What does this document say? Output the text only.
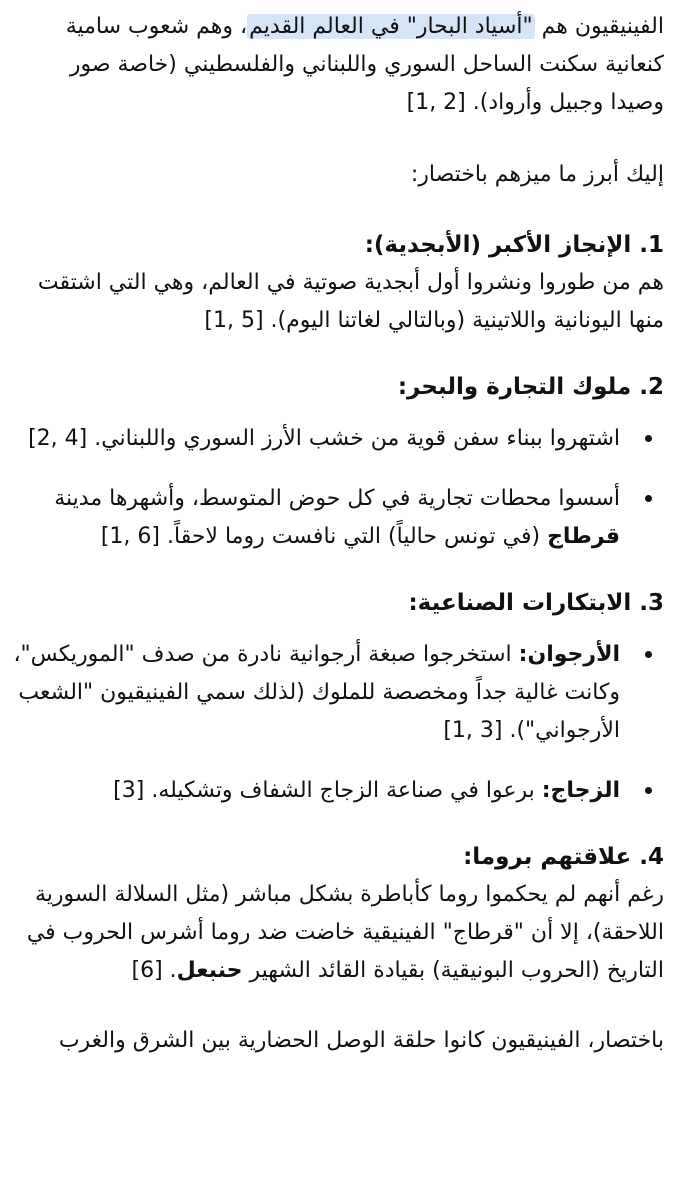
الفينيقيون هم "أسياد البحار" في العالم القديم، وهم شعوب سامية كنعانية سكنت الساحل السوري واللبناني والفلسطيني (خاصة صور وصيدا وجبيل وأرواد). [1, 2]

إليك أبرز ما ميزهم باختصار:

1. الإنجاز الأكبر (الأبجدية):

هم من طوروا ونشروا أول أبجدية صوتية في العالم، وهي التي اشتقت منها اليونانية واللاتينية (وبالتالي لغاتنا اليوم). [1, 5]

2. ملوك التجارة والبحر:
اشتهروا ببناء سفن قوية من خشب الأرز السوري واللبناني. [2, 4]
أسسوا محطات تجارية في كل حوض المتوسط، وأشهرها مدينة قرطاج (في تونس حالياً) التي نافست روما لاحقاً. [1, 6]
3. الابتكارات الصناعية:
الأرجوان: استخرجوا صبغة أرجوانية نادرة من صدف "الموريكس"، وكانت غالية جداً ومخصصة للملوك (لذلك سمي الفينيقيون "الشعب الأرجواني"). [1, 3]
الزجاج: برعوا في صناعة الزجاج الشفاف وتشكيله. [3]
4. علاقتهم بروما:

رغم أنهم لم يحكموا روما كأباطرة بشكل مباشر (مثل السلالة السورية اللاحقة)، إلا أن "قرطاج" الفينيقية خاضت ضد روما أشرس الحروب في التاريخ (الحروب البونيقية) بقيادة القائد الشهير حنبعل. [6]

باختصار، الفينيقيون كانوا حلقة الوصل الحضارية بين الشرق والغرب
